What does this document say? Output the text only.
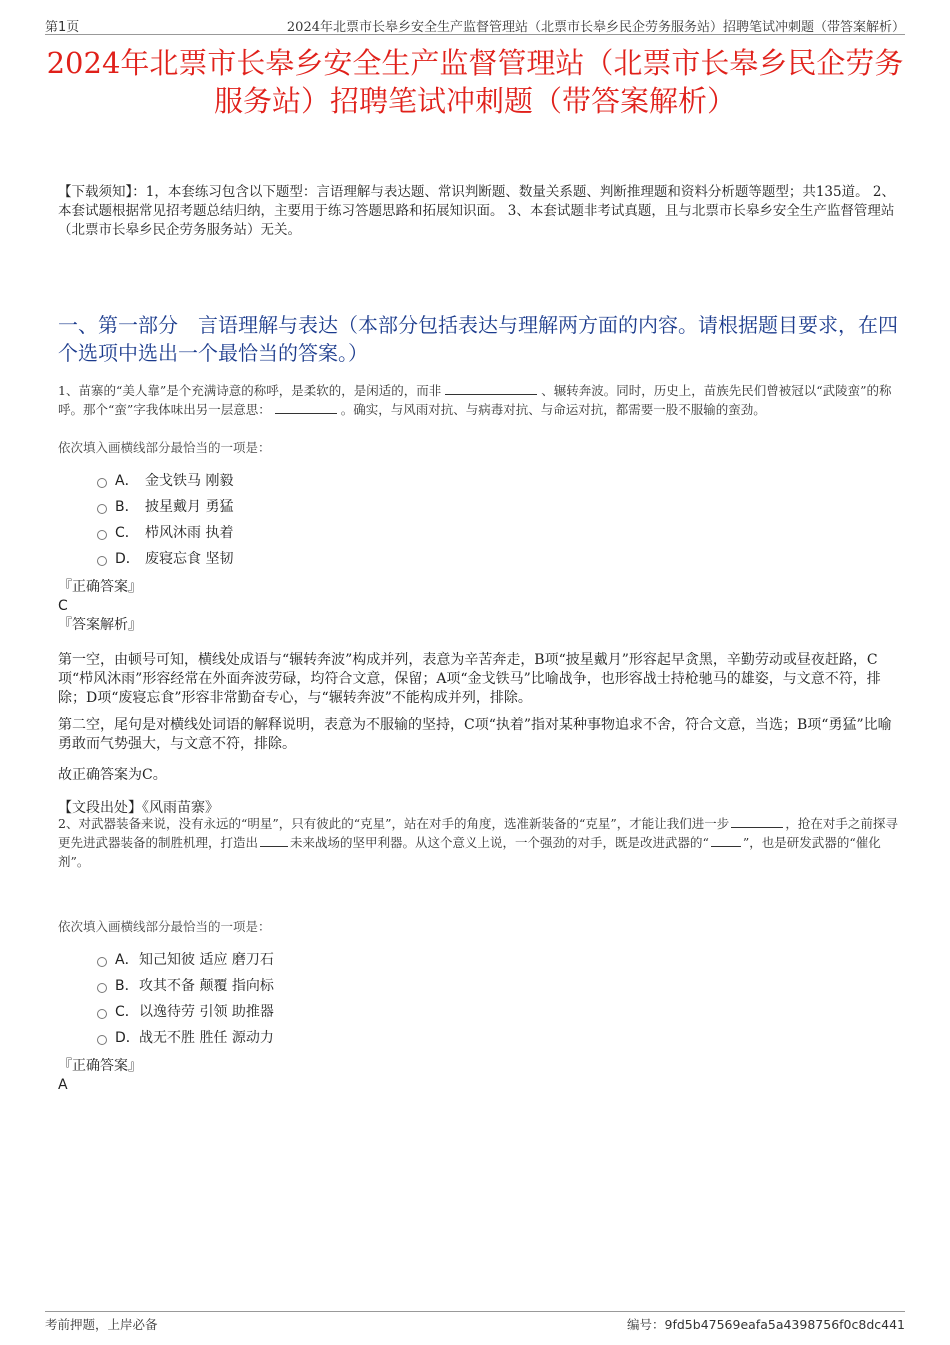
第1页	2024年北票市长皋乡安全生产监督管理站（北票市长皋乡民企劳务服务站）招聘笔试冲刺题（带答案解析）
2024年北票市长皋乡安全生产监督管理站（北票市长皋乡民企劳务服务站）招聘笔试冲刺题（带答案解析）
【下载须知】：1，本套练习包含以下题型：言语理解与表达题、常识判断题、数量关系题、判断推理题和资料分析题等题型；共135道。 2、本套试题根据常见招考题总结归纳，主要用于练习答题思路和拓展知识面。 3、本套试题非考试真题，且与北票市长皋乡安全生产监督管理站（北票市长皋乡民企劳务服务站）无关。
一、第一部分　言语理解与表达（本部分包括表达与理解两方面的内容。请根据题目要求，在四个选项中选出一个最恰当的答案。）
1、苗寨的“美人靠”是个充满诗意的称呼，是柔软的，是闲适的，而非	、辗转奔波。同时，历史上，苗族先民们曾被冠以“武陵蛮”的称呼。那个“蛮”字我体味出另一层意思：	。确实，与风雨对抗、与病毒对抗、与命运对抗，都需要一股不服输的蛮劲。
依次填入画横线部分最恰当的一项是：
A． 金戈铁马 刚毅
B． 披星戴月 勇猛
C． 栉风沐雨 执着
D． 废寝忘食 坚韧
『正确答案』
C
『答案解析』

第一空，由顿号可知，横线处成语与“辗转奔波”构成并列，表意为辛苦奔走，B项“披星戴月”形容起早贪黑，辛勤劳动或昼夜赶路，C项“栉风沐雨”形容经常在外面奔波劳碌，均符合文意，保留；A项“金戈铁马”比喻战争，也形容战士持枪驰马的雄姿，与文意不符，排除；D项“废寝忘食”形容非常勤奋专心，与“辗转奔波”不能构成并列，排除。

第二空，尾句是对横线处词语的解释说明，表意为不服输的坚持，C项“执着”指对某种事物追求不舍，符合文意，当选；B项“勇猛”比喻勇敢而气势强大，与文意不符，排除。

故正确答案为C。

【文段出处】《风雨苗寨》

2、对武器装备来说，没有永远的“明星”，只有彼此的“克星”，站在对手的角度，选准新装备的“克星”，才能让我们进一步	，抢在对手之前探寻更先进武器装备的制胜机理，打造出	未来战场的坚甲利器。从这个意义上说，一个强劲的对手，既是改进武器的“	”，也是研发武器的“催化剂”。
依次填入画横线部分最恰当的一项是：
A． 知己知彼 适应 磨刀石
B． 攻其不备 颠覆 指向标
C． 以逸待劳 引领 助推器
D． 战无不胜 胜任 源动力
『正确答案』
A
考前押题，上岸必备	编号：9fd5b47569eafa5a4398756f0c8dc441
